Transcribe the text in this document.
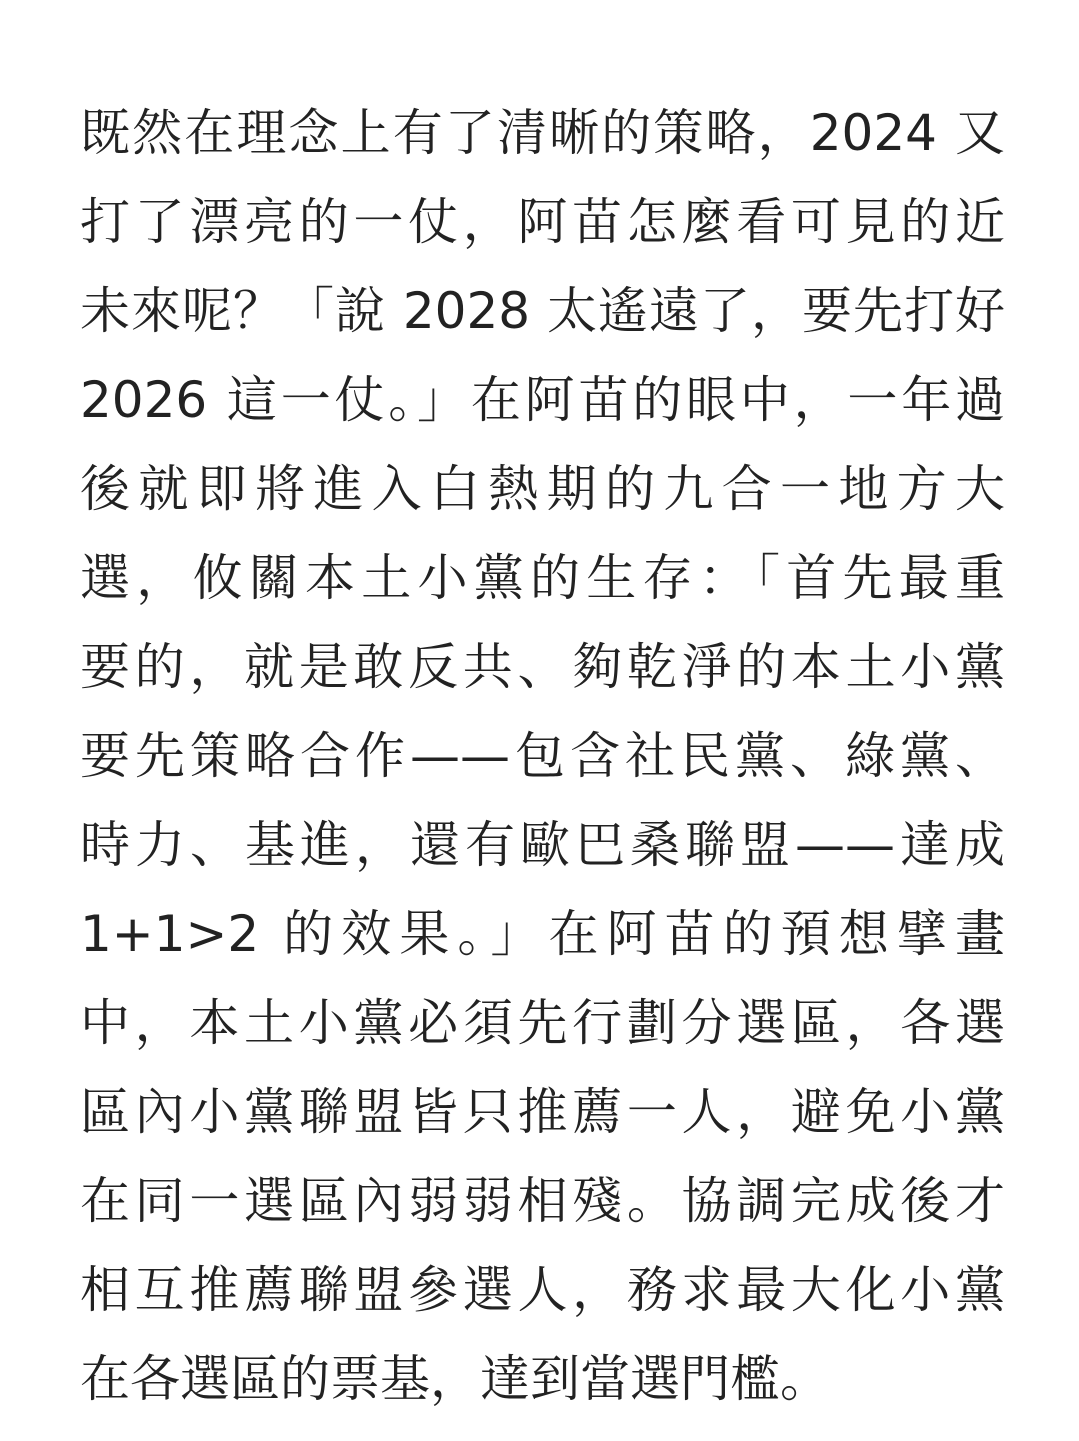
既然在理念上有了清晰的策略，2024 又
打了漂亮的一仗，阿苗怎麼看可見的近
未來呢？「說 2028 太遙遠了，要先打好
2026 這一仗。」在阿苗的眼中，一年過
後就即將進入白熱期的九合一地方大
選，攸關本土小黨的生存：「首先最重
要的，就是敢反共、夠乾淨的本土小黨
要先策略合作——包含社民黨、綠黨、
時力、基進，還有歐巴桑聯盟——達成
1+1>2 的效果。」在阿苗的預想擘畫
中，本土小黨必須先行劃分選區，各選
區內小黨聯盟皆只推薦一人，避免小黨
在同一選區內弱弱相殘。協調完成後才
相互推薦聯盟參選人，務求最大化小黨
在各選區的票基，達到當選門檻。
